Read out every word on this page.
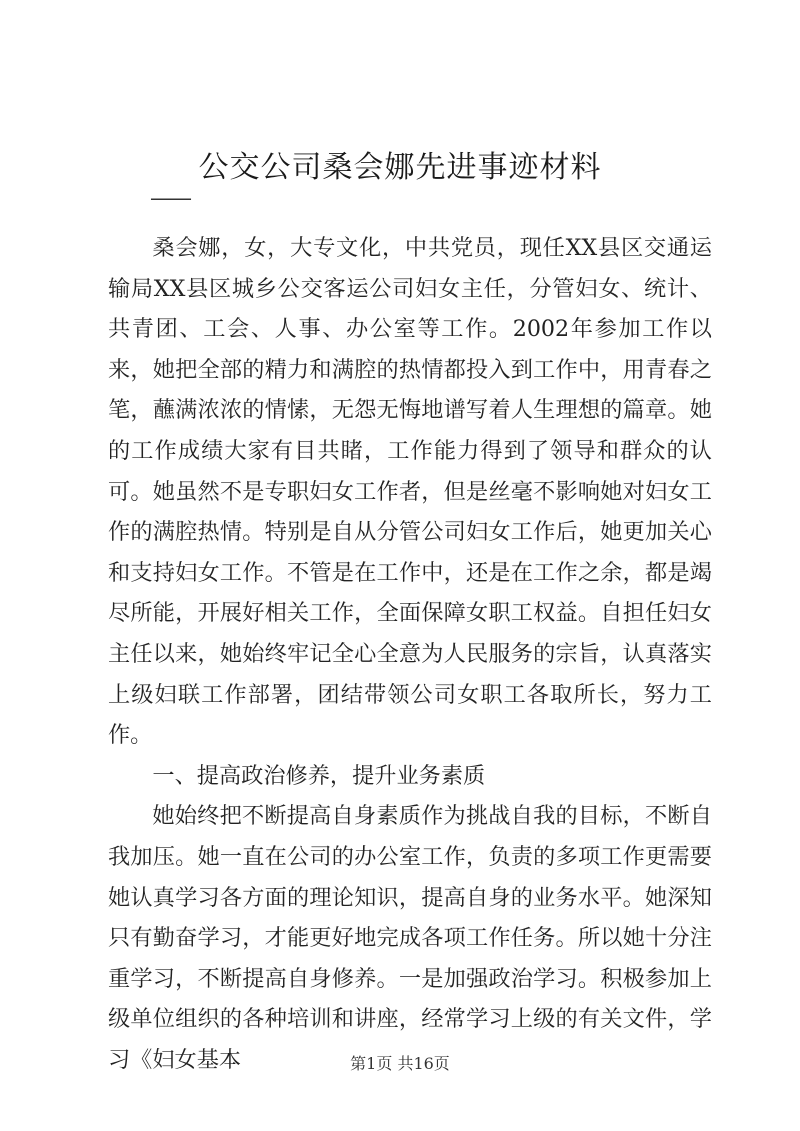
公交公司桑会娜先进事迹材料
——

桑会娜，女，大专文化，中共党员，现任XX县区交通运输局XX县区城乡公交客运公司妇女主任，分管妇女、统计、共青团、工会、人事、办公室等工作。2002年参加工作以来，她把全部的精力和满腔的热情都投入到工作中，用青春之笔，蘸满浓浓的情愫，无怨无悔地谱写着人生理想的篇章。她的工作成绩大家有目共睹，工作能力得到了领导和群众的认可。她虽然不是专职妇女工作者，但是丝毫不影响她对妇女工作的满腔热情。特别是自从分管公司妇女工作后，她更加关心和支持妇女工作。不管是在工作中，还是在工作之余，都是竭尽所能，开展好相关工作，全面保障女职工权益。自担任妇女主任以来，她始终牢记全心全意为人民服务的宗旨，认真落实上级妇联工作部署，团结带领公司女职工各取所长，努力工作。

一、提高政治修养，提升业务素质

她始终把不断提高自身素质作为挑战自我的目标，不断自我加压。她一直在公司的办公室工作，负责的多项工作更需要她认真学习各方面的理论知识，提高自身的业务水平。她深知只有勤奋学习，才能更好地完成各项工作任务。所以她十分注重学习，不断提高自身修养。一是加强政治学习。积极参加上级单位组织的各种培训和讲座，经常学习上级的有关文件，学习《妇女基本	第1页 共16页
